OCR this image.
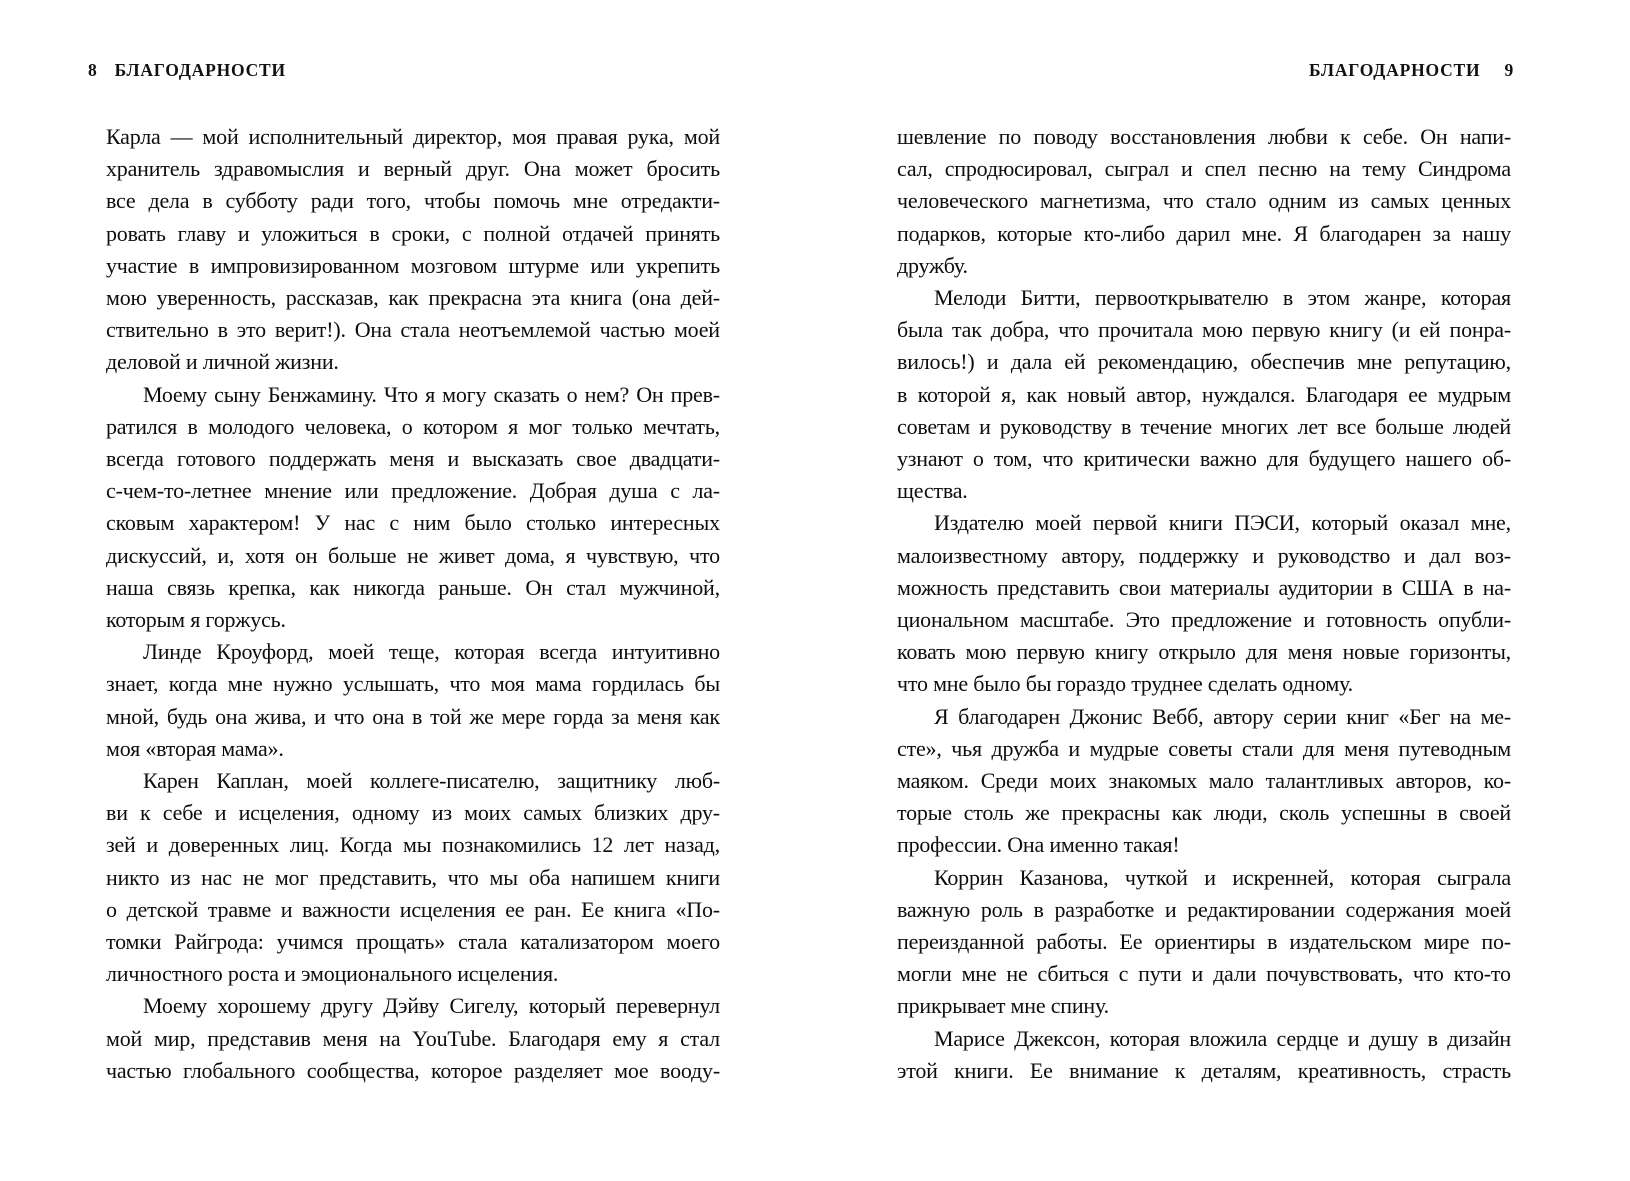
8 БЛАГОДАРНОСТИ	БЛАГОДАРНОСТИ 9
Карла — мой исполнительный директор, моя правая рука, мой
хранитель здравомыслия и верный друг. Она может бросить
все дела в субботу ради того, чтобы помочь мне отредакти-
ровать главу и уложиться в сроки, с полной отдачей принять
участие в импровизированном мозговом штурме или укрепить
мою уверенность, рассказав, как прекрасна эта книга (она дей-
ствительно в это верит!). Она стала неотъемлемой частью моей
деловой и личной жизни.
Моему сыну Бенжамину. Что я могу сказать о нем? Он прев-
ратился в молодого человека, о котором я мог только мечтать,
всегда готового поддержать меня и высказать свое двадцати-
с-чем-то-летнее мнение или предложение. Добрая душа с ла-
сковым характером! У нас с ним было столько интересных
дискуссий, и, хотя он больше не живет дома, я чувствую, что
наша связь крепка, как никогда раньше. Он стал мужчиной,
которым я горжусь.
Линде Кроуфорд, моей теще, которая всегда интуитивно
знает, когда мне нужно услышать, что моя мама гордилась бы
мной, будь она жива, и что она в той же мере горда за меня как
моя «вторая мама».
Карен Каплан, моей коллеге-писателю, защитнику люб-
ви к себе и исцеления, одному из моих самых близких дру-
зей и доверенных лиц. Когда мы познакомились 12 лет назад,
никто из нас не мог представить, что мы оба напишем книги
о детской травме и важности исцеления ее ран. Ее книга «По-
томки Райгрода: учимся прощать» стала катализатором моего
личностного роста и эмоционального исцеления.
Моему хорошему другу Дэйву Сигелу, который перевернул
мой мир, представив меня на YouTube. Благодаря ему я стал
частью глобального сообщества, которое разделяет мое вооду-
шевление по поводу восстановления любви к себе. Он напи-
сал, спродюсировал, сыграл и спел песню на тему Синдрома
человеческого магнетизма, что стало одним из самых ценных
подарков, которые кто-либо дарил мне. Я благодарен за нашу
дружбу.
Мелоди Битти, первооткрывателю в этом жанре, которая
была так добра, что прочитала мою первую книгу (и ей понра-
вилось!) и дала ей рекомендацию, обеспечив мне репутацию,
в которой я, как новый автор, нуждался. Благодаря ее мудрым
советам и руководству в течение многих лет все больше людей
узнают о том, что критически важно для будущего нашего об-
щества.
Издателю моей первой книги ПЭСИ, который оказал мне,
малоизвестному автору, поддержку и руководство и дал воз-
можность представить свои материалы аудитории в США в на-
циональном масштабе. Это предложение и готовность опубли-
ковать мою первую книгу открыло для меня новые горизонты,
что мне было бы гораздо труднее сделать одному.
Я благодарен Джонис Вебб, автору серии книг «Бег на ме-
сте», чья дружба и мудрые советы стали для меня путеводным
маяком. Среди моих знакомых мало талантливых авторов, ко-
торые столь же прекрасны как люди, сколь успешны в своей
профессии. Она именно такая!
Коррин Казанова, чуткой и искренней, которая сыграла
важную роль в разработке и редактировании содержания моей
переизданной работы. Ее ориентиры в издательском мире по-
могли мне не сбиться с пути и дали почувствовать, что кто-то
прикрывает мне спину.
Марисе Джексон, которая вложила сердце и душу в дизайн
этой книги. Ее внимание к деталям, креативность, страсть
